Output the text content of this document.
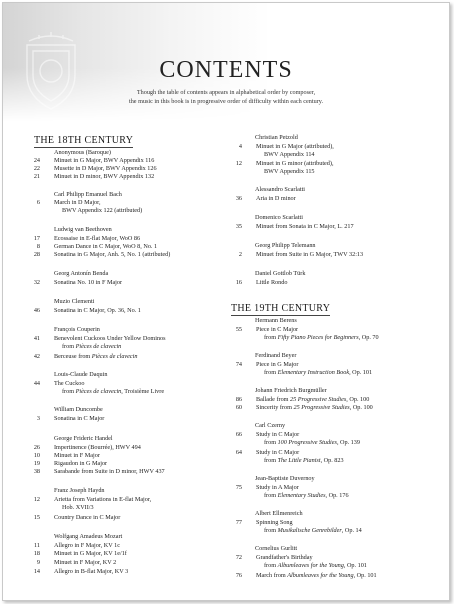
CONTENTS
Though the table of contents appears in alphabetical order by composer,
the music in this book is in progressive order of difficulty within each century.
THE 18TH CENTURY
Anonymous (Baroque)
24 Minuet in G Major, BWV Appendix 116
22 Musette in D Major, BWV Appendix 126
21 Minuet in D minor, BWV Appendix 132
Carl Philipp Emanuel Bach
6 March in D Major,
BWV Appendix 122 (attributed)
Ludwig van Beethoven
17 Ecossaise in E-flat Major, WoO 86
8 German Dance in C Major, WoO 8, No. 1
28 Sonatina in G Major, Anh. 5, No. 1 (attributed)
Georg Antonín Benda
32 Sonatina No. 10 in F Major
Muzio Clementi
46 Sonatina in C Major, Op. 36, No. 1
François Couperin
41 Benevolent Cuckoos Under Yellow Dominos
from Pièces de clavecin
42 Berceuse from Pièces de clavecin
Louis-Claude Daquin
44 The Cuckoo
from Pièces de clavecin, Troisième Livre
William Duncombe
3 Sonatina in C Major
George Frideric Handel
26 Impertinence (Bourrée), HWV 494
10 Minuet in F Major
19 Rigaudon in G Major
38 Sarabande from Suite in D minor, HWV 437
Franz Joseph Haydn
12 Arietta from Variations in E-flat Major,
Hob. XVII/3
15 Country Dance in C Major
Wolfgang Amadeus Mozart
11 Allegro in F Major, KV 1c
18 Minuet in G Major, KV 1e/1f
9 Minuet in F Major, KV 2
14 Allegro in B-flat Major, KV 3
Christian Petzold
4 Minuet in G Major (attributed),
BWV Appendix 114
12 Minuet in G minor (attributed),
BWV Appendix 115
Alessandro Scarlatti
36 Aria in D minor
Domenico Scarlatti
35 Minuet from Sonata in C Major, L. 217
Georg Philipp Telemann
2 Minuet from Suite in G Major, TWV 32:13
Daniel Gottlob Türk
16 Little Rondo
THE 19TH CENTURY
Hermann Berens
55 Piece in C Major
from Fifty Piano Pieces for Beginners, Op. 70
Ferdinand Beyer
74 Piece in G Major
from Elementary Instruction Book, Op. 101
Johann Friedrich Burgmüller
86 Ballade from 25 Progressive Studies, Op. 100
60 Sincerity from 25 Progressive Studies, Op. 100
Carl Czerny
66 Study in C Major
from 100 Progressive Studies, Op. 139
64 Study in C Major
from The Little Pianist, Op. 823
Jean-Baptiste Duvernoy
75 Study in A Major
from Elementary Studies, Op. 176
Albert Ellmenreich
77 Spinning Song
from Musikalische Genrebilder, Op. 14
Cornelius Gurlitt
72 Grandfather's Birthday
from Albumleaves for the Young, Op. 101
76 March from Albumleaves for the Young, Op. 101
